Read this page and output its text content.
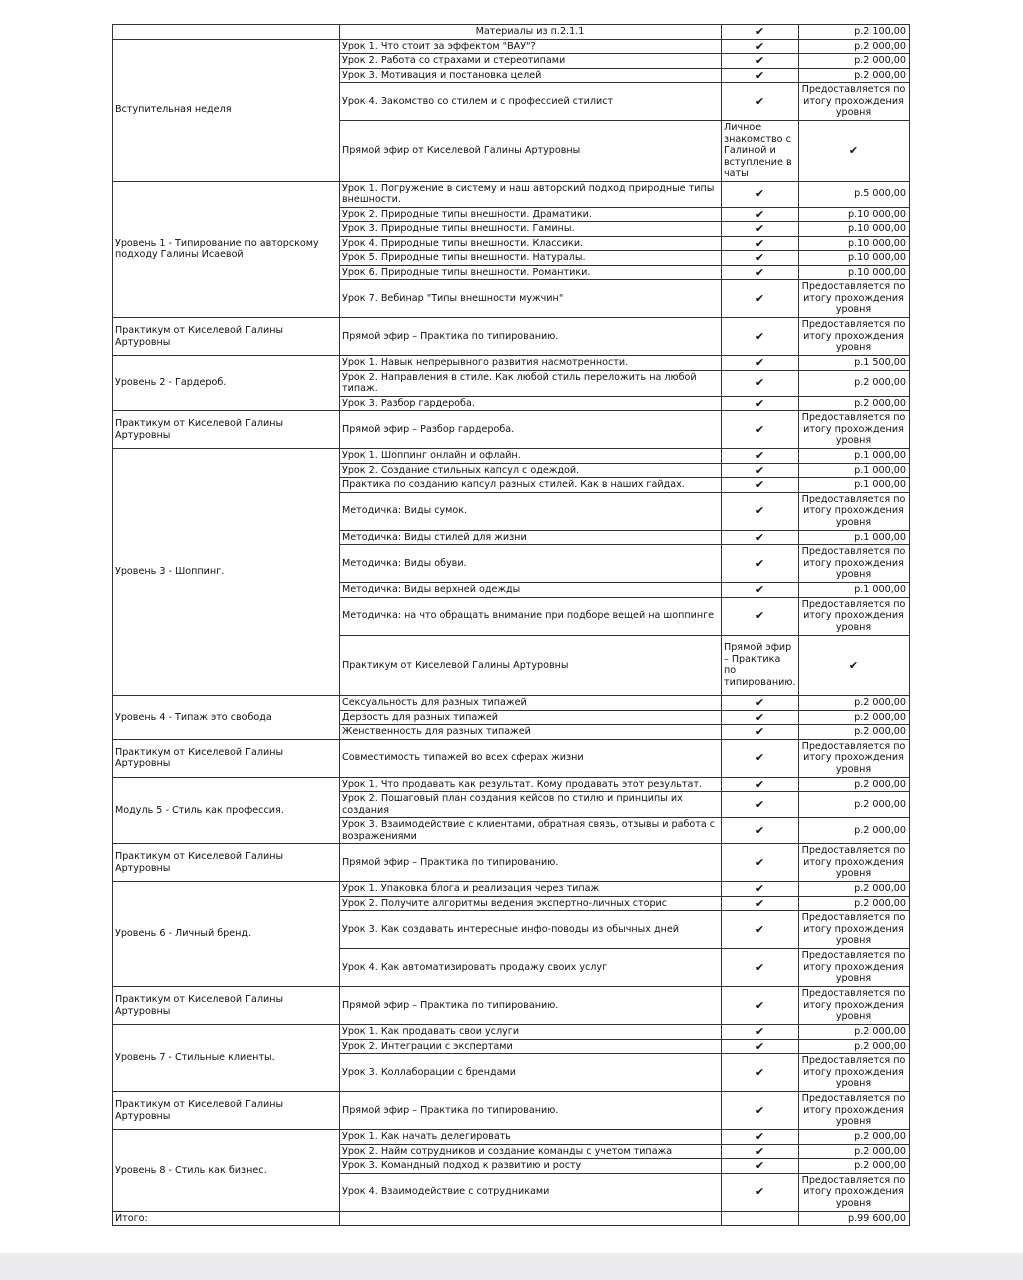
	Материалы из п.2.1.1	✔	р.2 100,00	
Вступительная неделя	Урок 1. Что стоит за эффектом "ВАУ"?	✔	р.2 000,00	
	Урок 2. Работа со страхами и стереотипами	✔	р.2 000,00	
	Урок 3. Мотивация и постановка целей	✔	р.2 000,00	
	Урок 4. Закомство со стилем и с профессией стилист	✔	Предоставляется по итогу прохождения уровня	
	Прямой эфир от Киселевой Галины Артуровны	Личное знакомство с Галиной и вступление в чаты	✔	
Уровень 1 - Типирование по авторскому подходу Галины Исаевой	Урок 1. Погружение в систему и наш авторский подход природные типы внешности.	✔	р.5 000,00	
	Урок 2. Природные типы внешности. Драматики.	✔	р.10 000,00	
	Урок 3. Природные типы внешности. Гамины.	✔	р.10 000,00	
	Урок 4. Природные типы внешности. Классики.	✔	р.10 000,00	
	Урок 5. Природные типы внешности. Натуралы.	✔	р.10 000,00	
	Урок 6. Природные типы внешности. Романтики.	✔	р.10 000,00	
	Урок 7. Вебинар "Типы внешности мужчин"	✔	Предоставляется по итогу прохождения уровня	
Практикум от Киселевой Галины Артуровны	Прямой эфир – Практика по типированию.	✔	Предоставляется по итогу прохождения уровня	
Уровень 2 - Гардероб.	Урок 1. Навык непрерывного развития насмотренности.	✔	р.1 500,00	
	Урок 2. Направления в стиле. Как любой стиль переложить на любой типаж.	✔	р.2 000,00	
	Урок 3. Разбор гардероба.	✔	р.2 000,00	
Практикум от Киселевой Галины Артуровны	Прямой эфир – Разбор гардероба.	✔	Предоставляется по итогу прохождения уровня	
Уровень 3 - Шоппинг.	Урок 1. Шоппинг онлайн и офлайн.	✔	р.1 000,00	
	Урок 2. Создание стильных капсул с одеждой.	✔	р.1 000,00	
	Практика по созданию капсул разных стилей. Как в наших гайдах.	✔	р.1 000,00	
	Методичка: Виды сумок.	✔	Предоставляется по итогу прохождения уровня	
	Методичка: Виды стилей для жизни	✔	р.1 000,00	
	Методичка: Виды обуви.	✔	Предоставляется по итогу прохождения уровня	
	Методичка: Виды верхней одежды	✔	р.1 000,00	
	Методичка: на что обращать внимание при подборе вещей на шоппинге	✔	Предоставляется по итогу прохождения уровня	
	Практикум от Киселевой Галины Артуровны	Прямой эфир – Практика по типированию.	✔	
Уровень 4 - Типаж это свобода	Сексуальность для разных типажей	✔	р.2 000,00	
	Дерзость для разных типажей	✔	р.2 000,00	
	Женственность для разных типажей	✔	р.2 000,00	
Практикум от Киселевой Галины Артуровны	Совместимость типажей во всех сферах жизни	✔	Предоставляется по итогу прохождения уровня	
Модуль 5 - Стиль как профессия.	Урок 1. Что продавать как результат. Кому продавать этот результат.	✔	р.2 000,00	
	Урок 2. Пошаговый план создания кейсов по стилю и принципы их создания	✔	р.2 000,00	
	Урок 3. Взаимодействие с клиентами, обратная связь, отзывы и работа с возражениями	✔	р.2 000,00	
Практикум от Киселевой Галины Артуровны	Прямой эфир – Практика по типированию.	✔	Предоставляется по итогу прохождения уровня	
Уровень 6 - Личный бренд.	Урок 1. Упаковка блога и реализация через типаж	✔	р.2 000,00	
	Урок 2. Получите алгоритмы ведения экспертно-личных сторис	✔	р.2 000,00	
	Урок 3. Как создавать интересные инфо-поводы из обычных дней	✔	Предоставляется по итогу прохождения уровня	
	Урок 4. Как автоматизировать продажу своих услуг	✔	Предоставляется по итогу прохождения уровня	
Практикум от Киселевой Галины Артуровны	Прямой эфир – Практика по типированию.	✔	Предоставляется по итогу прохождения уровня	
Уровень 7 - Стильные клиенты.	Урок 1. Как продавать свои услуги	✔	р.2 000,00	
	Урок 2. Интеграции с экспертами	✔	р.2 000,00	
	Урок 3. Коллаборации с брендами	✔	Предоставляется по итогу прохождения уровня	
Практикум от Киселевой Галины Артуровны	Прямой эфир – Практика по типированию.	✔	Предоставляется по итогу прохождения уровня	
Уровень 8 - Стиль как бизнес.	Урок 1. Как начать делегировать	✔	р.2 000,00	
	Урок 2. Найм сотрудников и создание команды с учетом типажа	✔	р.2 000,00	
	Урок 3. Командный подход к развитию и росту	✔	р.2 000,00	
	Урок 4. Взаимодействие с сотрудниками	✔	Предоставляется по итогу прохождения уровня	
Итого:			р.99 600,00	
